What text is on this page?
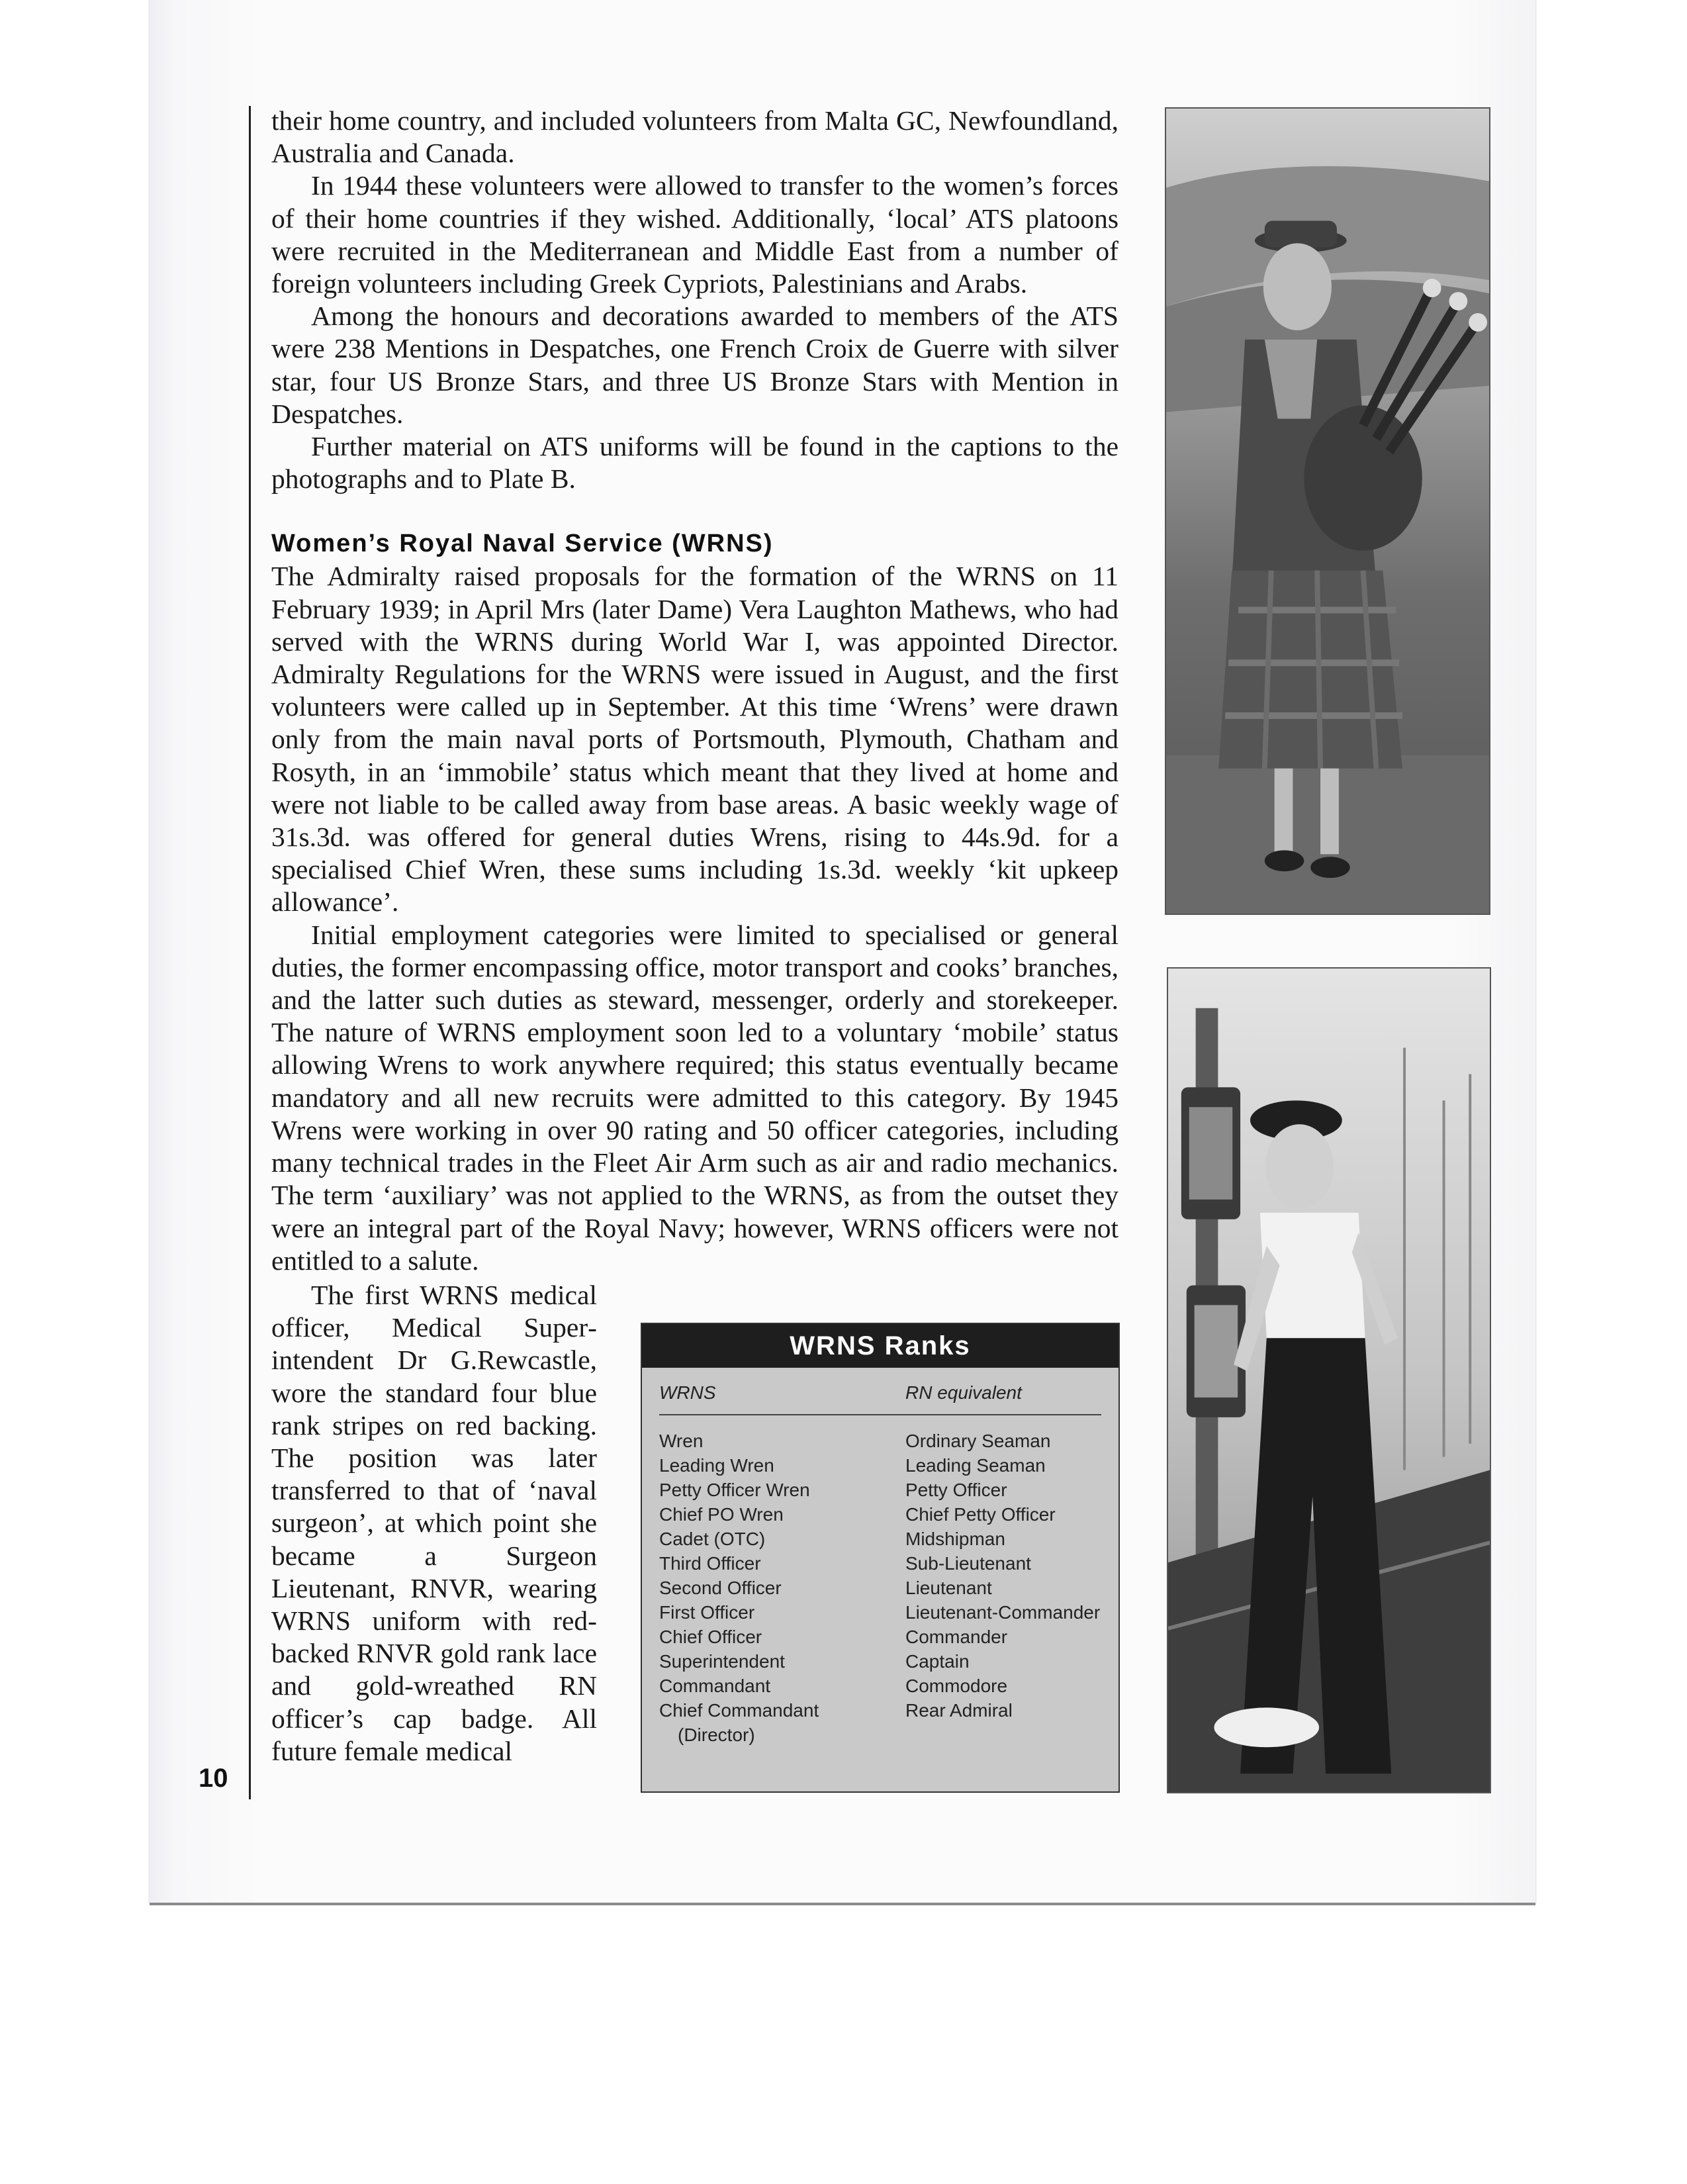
10

their home country, and included volunteers from Malta GC, Newfoundland, Australia and Canada.

In 1944 these volunteers were allowed to transfer to the women’s forces of their home countries if they wished. Additionally, ‘local’ ATS platoons were recruited in the Mediterranean and Middle East from a number of foreign volunteers including Greek Cypriots, Palestinians and Arabs.

Among the honours and decorations awarded to members of the ATS were 238 Mentions in Despatches, one French Croix de Guerre with silver star, four US Bronze Stars, and three US Bronze Stars with Mention in Despatches.

Further material on ATS uniforms will be found in the captions to the photographs and to Plate B.

Women’s Royal Naval Service (WRNS)

The Admiralty raised proposals for the formation of the WRNS on 11 February 1939; in April Mrs (later Dame) Vera Laughton Mathews, who had served with the WRNS during World War I, was appointed Director. Admiralty Regulations for the WRNS were issued in August, and the first volunteers were called up in September. At this time ‘Wrens’ were drawn only from the main naval ports of Portsmouth, Plymouth, Chatham and Rosyth, in an ‘immobile’ status which meant that they lived at home and were not liable to be called away from base areas. A basic weekly wage of 31s.3d. was offered for general duties Wrens, rising to 44s.9d. for a specialised Chief Wren, these sums including 1s.3d. weekly ‘kit upkeep allowance’.

Initial employment categories were limited to specialised or general duties, the former encompassing office, motor transport and cooks’ branches, and the latter such duties as steward, messenger, orderly and storekeeper. The nature of WRNS employment soon led to a voluntary ‘mobile’ status allowing Wrens to work anywhere required; this status eventually became mandatory and all new recruits were admitted to this category. By 1945 Wrens were working in over 90 rating and 50 officer categories, including many technical trades in the Fleet Air Arm such as air and radio mechanics. The term ‘auxiliary’ was not applied to the WRNS, as from the outset they were an integral part of the Royal Navy; however, WRNS officers were not entitled to a salute.

The first WRNS medical officer, Medical Superintendent Dr G.Rewcastle, wore the standard four blue rank stripes on red backing. The position was later transferred to that of ‘naval surgeon’, at which point she became a Surgeon Lieutenant, RNVR, wearing WRNS uniform with red-backed RNVR gold rank lace and gold-wreathed RN officer’s cap badge. All future female medical

WRNS Ranks
WRNS	RN equivalent
Wren	Ordinary Seaman
Leading Wren	Leading Seaman
Petty Officer Wren	Petty Officer
Chief PO Wren	Chief Petty Officer
Cadet (OTC)	Midshipman
Third Officer	Sub-Lieutenant
Second Officer	Lieutenant
First Officer	Lieutenant-Commander
Chief Officer	Commander
Superintendent	Captain
Commandant	Commodore
Chief Commandant	Rear Admiral
(Director)
